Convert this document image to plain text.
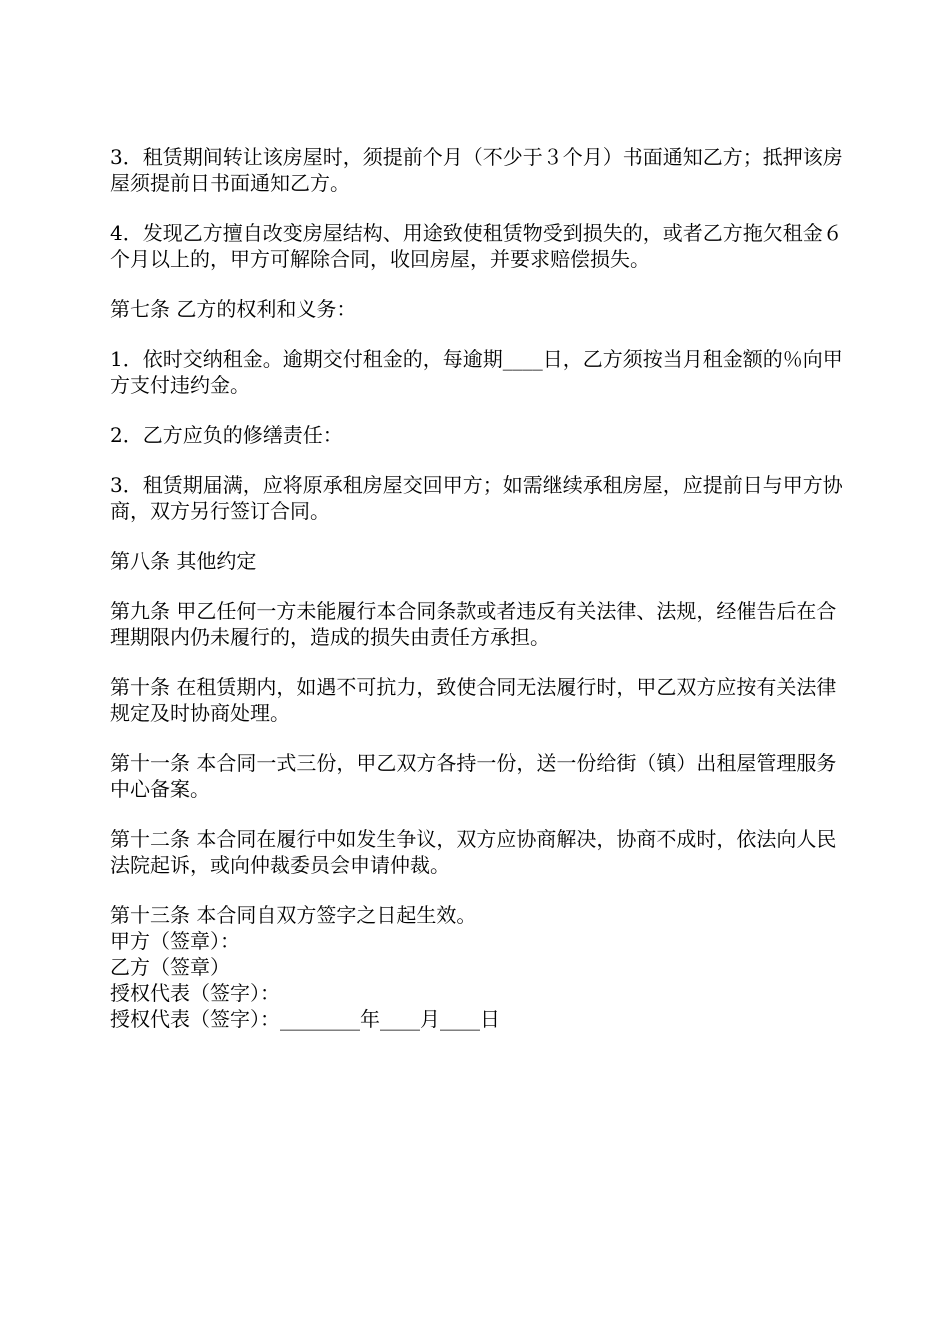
3．租赁期间转让该房屋时，须提前个月（不少于３个月）书面通知乙方；抵押该房屋须提前日书面通知乙方。

4．发现乙方擅自改变房屋结构、用途致使租赁物受到损失的，或者乙方拖欠租金６个月以上的，甲方可解除合同，收回房屋，并要求赔偿损失。

第七条 乙方的权利和义务：

1．依时交纳租金。逾期交付租金的，每逾期____日，乙方须按当月租金额的％向甲方支付违约金。

2．乙方应负的修缮责任：

3．租赁期届满，应将原承租房屋交回甲方；如需继续承租房屋，应提前日与甲方协商，双方另行签订合同。

第八条 其他约定

第九条 甲乙任何一方未能履行本合同条款或者违反有关法律、法规，经催告后在合理期限内仍未履行的，造成的损失由责任方承担。

第十条 在租赁期内，如遇不可抗力，致使合同无法履行时，甲乙双方应按有关法律规定及时协商处理。

第十一条 本合同一式三份，甲乙双方各持一份，送一份给街（镇）出租屋管理服务中心备案。

第十二条 本合同在履行中如发生争议，双方应协商解决，协商不成时，依法向人民法院起诉，或向仲裁委员会申请仲裁。

第十三条 本合同自双方签字之日起生效。

甲方（签章）：

乙方（签章）

授权代表（签字）：

授权代表（签字）：________年____月____日
